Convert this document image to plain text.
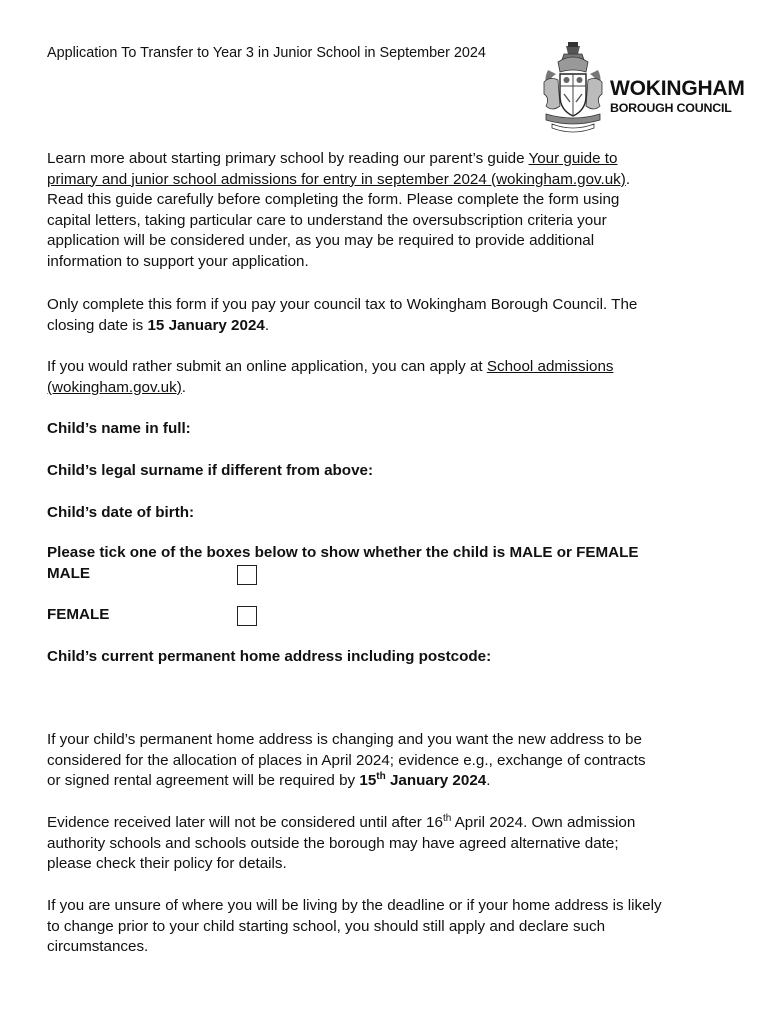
Application To Transfer to Year 3 in Junior School in September 2024
WOKINGHAM
BOROUGH COUNCIL

Learn more about starting primary school by reading our parent’s guide Your guide to
primary and junior school admissions for entry in september 2024 (wokingham.gov.uk).
Read this guide carefully before completing the form. Please complete the form using
capital letters, taking particular care to understand the oversubscription criteria your
application will be considered under, as you may be required to provide additional
information to support your application.

Only complete this form if you pay your council tax to Wokingham Borough Council. The
closing date is 15 January 2024.

If you would rather submit an online application, you can apply at School admissions
(wokingham.gov.uk).

Child’s name in full:
Child’s legal surname if different from above:
Child’s date of birth:
Please tick one of the boxes below to show whether the child is MALE or FEMALE
MALE
FEMALE
Child’s current permanent home address including postcode:

If your child’s permanent home address is changing and you want the new address to be
considered for the allocation of places in April 2024; evidence e.g., exchange of contracts
or signed rental agreement will be required by 15th January 2024.

Evidence received later will not be considered until after 16th April 2024. Own admission
authority schools and schools outside the borough may have agreed alternative date;
please check their policy for details.

If you are unsure of where you will be living by the deadline or if your home address is likely
to change prior to your child starting school, you should still apply and declare such
circumstances.
